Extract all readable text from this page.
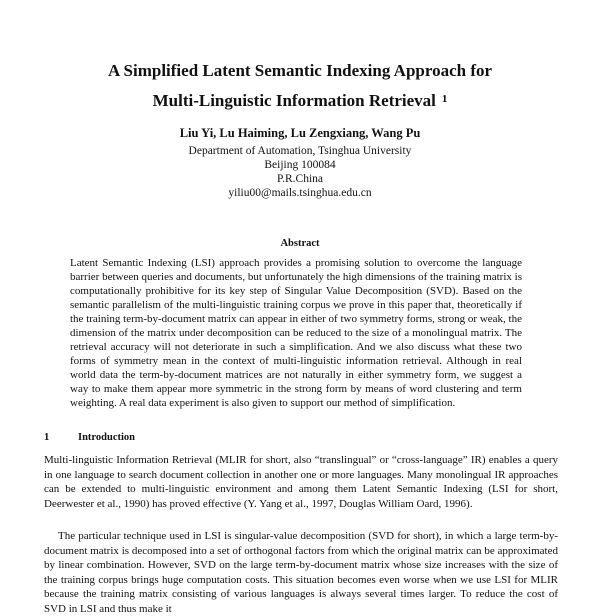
A Simplified Latent Semantic Indexing Approach for
Multi-Linguistic Information Retrieval $^1$
Liu Yi, Lu Haiming, Lu Zengxiang, Wang Pu
Department of Automation, Tsinghua University
Beijing 100084
P.R.China
yiliu00@mails.tsinghua.edu.cn
Abstract

Latent Semantic Indexing (LSI) approach provides a promising solution to overcome the language barrier between queries and documents, but unfortunately the high dimensions of the training matrix is computationally prohibitive for its key step of Singular Value Decomposition (SVD). Based on the semantic parallelism of the multi-linguistic training corpus we prove in this paper that, theoretically if the training term-by-document matrix can appear in either of two symmetry forms, strong or weak, the dimension of the matrix under decomposition can be reduced to the size of a monolingual matrix. The retrieval accuracy will not deteriorate in such a simplification. And we also discuss what these two forms of symmetry mean in the context of multi-linguistic information retrieval. Although in real world data the term-by-document matrices are not naturally in either symmetry form, we suggest a way to make them appear more symmetric in the strong form by means of word clustering and term weighting. A real data experiment is also given to support our method of simplification.

1	Introduction

Multi-linguistic Information Retrieval (MLIR for short, also “translingual” or “cross-language” IR) enables a query in one language to search document collection in another one or more languages. Many monolingual IR approaches can be extended to multi-linguistic environment and among them Latent Semantic Indexing (LSI for short, Deerwester et al., 1990) has proved effective (Y. Yang et al., 1997, Douglas William Oard, 1996).

The particular technique used in LSI is singular-value decomposition (SVD for short), in which a large term-by-document matrix is decomposed into a set of orthogonal factors from which the original matrix can be approximated by linear combination. However, SVD on the large term-by-document matrix whose size increases with the size of the training corpus brings huge computation costs. This situation becomes even worse when we use LSI for MLIR because the training matrix consisting of various languages is always several times larger. To reduce the cost of SVD in LSI and thus make it
